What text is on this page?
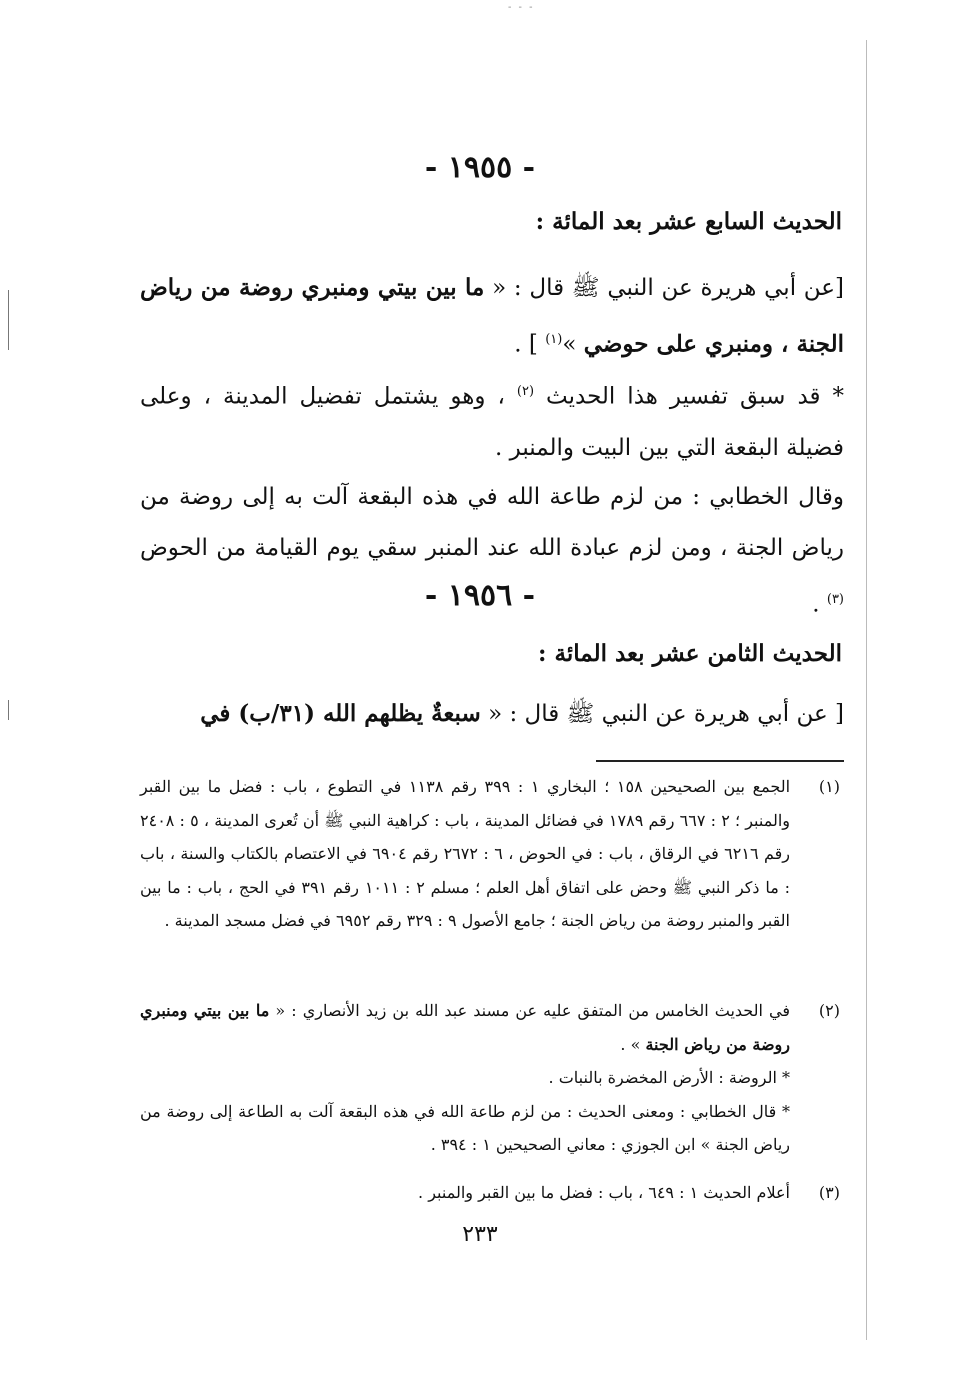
- - -
- ١٩٥٥ -
الحديث السابع عشر بعد المائة :
[عن أبي هريرة عن النبي ﷺ قال : « ما بين بيتي ومنبري روضة من رياض الجنة ، ومنبري على حوضي »$^{(١)}$ ] .
* قد سبق تفسير هذا الحديث $^{(٢)}$ ، وهو يشتمل تفضيل المدينة ، وعلى فضيلة البقعة التي بين البيت والمنبر .
وقال الخطابي : من لزم طاعة الله في هذه البقعة آلت به إلى روضة من رياض الجنة ، ومن لزم عبادة الله عند المنبر سقي يوم القيامة من الحوض $^{(٣)}$ .
- ١٩٥٦ -
الحديث الثامن عشر بعد المائة :
[ عن أبي هريرة عن النبي ﷺ قال : « سبعةٌ يظلهم الله (٣١/ب) في
(١)
الجمع بين الصحيحين ١٥٨ ؛ البخاري ١ : ٣٩٩ رقم ١١٣٨ في التطوع ، باب : فضل ما بين القبر والمنبر ؛ ٢ : ٦٦٧ رقم ١٧٨٩ في فضائل المدينة ، باب : كراهية النبي ﷺ أن تُعرى المدينة ، ٥ : ٢٤٠٨ رقم ٦٢١٦ في الرقاق ، باب : في الحوض ، ٦ : ٢٦٧٢ رقم ٦٩٠٤ في الاعتصام بالكتاب والسنة ، باب : ما ذكر النبي ﷺ وحض على اتفاق أهل العلم ؛ مسلم ٢ : ١٠١١ رقم ٣٩١ في الحج ، باب : ما بين القبر والمنبر روضة من رياض الجنة ؛ جامع الأصول ٩ : ٣٢٩ رقم ٦٩٥٢ في فضل مسجد المدينة .
(٢)
في الحديث الخامس من المتفق عليه عن مسند عبد الله بن زيد الأنصاري : « ما بين بيتي ومنبري روضة من رياض الجنة » .
* الروضة : الأرض المخضرة بالنبات .
* قال الخطابي : ومعنى الحديث : من لزم طاعة الله في هذه البقعة آلت به الطاعة إلى روضة من رياض الجنة » ابن الجوزي : معاني الصحيحين ١ : ٣٩٤ .
(٣)
أعلام الحديث ١ : ٦٤٩ ، باب : فضل ما بين القبر والمنبر .
٢٣٣
